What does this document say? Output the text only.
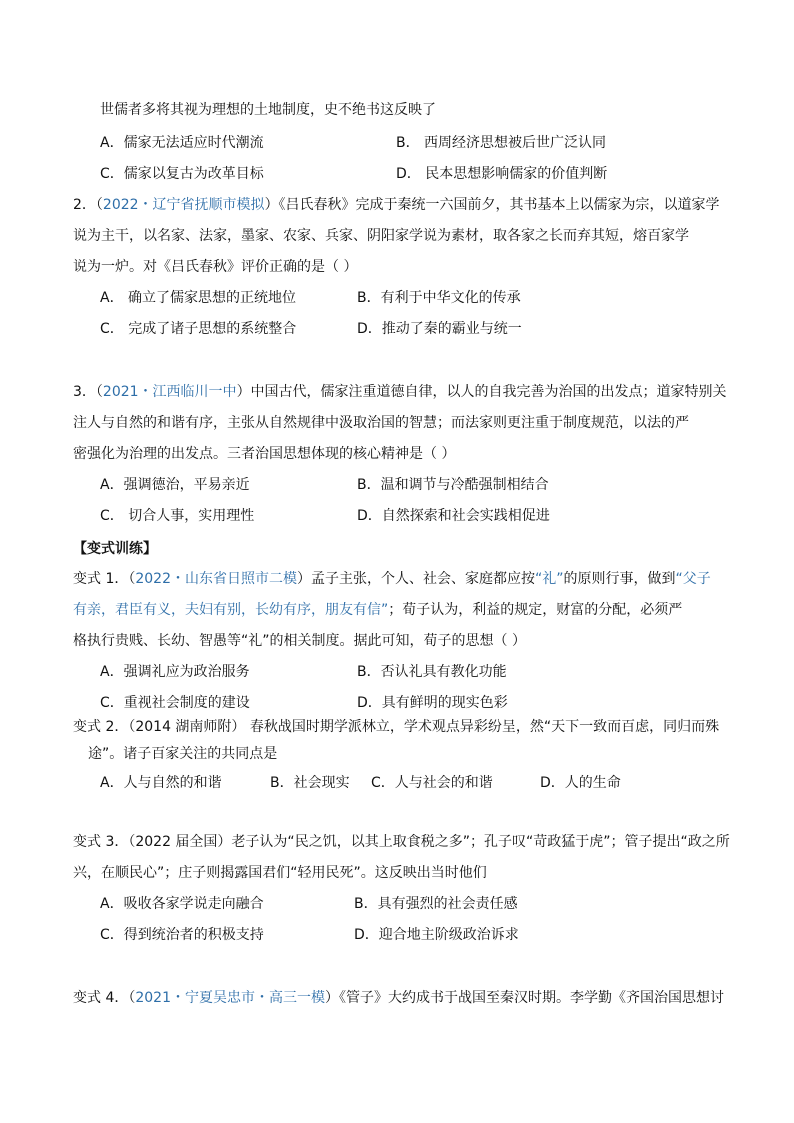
世儒者多将其视为理想的土地制度，史不绝书这反映了
A．儒家无法适应时代潮流	B． 西周经济思想被后世广泛认同
C．儒家以复古为改革目标	D． 民本思想影响儒家的价值判断
2．（2022・辽宁省抚顺市模拟）《吕氏春秋》完成于秦统一六国前夕，其书基本上以儒家为宗，以道家学
说为主干，以名家、法家，墨家、农家、兵家、阴阳家学说为素材，取各家之长而弃其短，熔百家学
说为一炉。对《吕氏春秋》评价正确的是（ ）
A． 确立了儒家思想的正统地位	B．有利于中华文化的传承
C． 完成了诸子思想的系统整合	D．推动了秦的霸业与统一
3．（2021・江西临川一中）中国古代，儒家注重道德自律，以人的自我完善为治国的出发点；道家特别关
注人与自然的和谐有序，主张从自然规律中汲取治国的智慧；而法家则更注重于制度规范，以法的严
密强化为治理的出发点。三者治国思想体现的核心精神是（ ）
A．强调德治，平易亲近	B．温和调节与冷酷强制相结合
C． 切合人事，实用理性	D．自然探索和社会实践相促进
【变式训练】
变式 1．（2022・山东省日照市二模）孟子主张，个人、社会、家庭都应按“礼”的原则行事，做到“父子
有亲，君臣有义，夫妇有别，长幼有序，朋友有信”；荀子认为，利益的规定，财富的分配，必须严
格执行贵贱、长幼、智愚等“礼”的相关制度。据此可知，荀子的思想（ ）
A．强调礼应为政治服务	B．否认礼具有教化功能
C．重视社会制度的建设	D．具有鲜明的现实色彩
变式 2．（2014 湖南师附） 春秋战国时期学派林立，学术观点异彩纷呈，然“天下一致而百虑，同归而殊
途”。诸子百家关注的共同点是
A．人与自然的和谐	B．社会现实 C．人与社会的和谐	D．人的生命
变式 3．（2022 届全国）老子认为“民之饥，以其上取食税之多”；孔子叹“苛政猛于虎”；管子提出“政之所
兴，在顺民心”；庄子则揭露国君们“轻用民死”。这反映出当时他们
A．吸收各家学说走向融合	B．具有强烈的社会责任感
C．得到统治者的积极支持	D．迎合地主阶级政治诉求
变式 4．（2021・宁夏吴忠市・高三一模）《管子》大约成书于战国至秦汉时期。李学勤《齐国治国思想讨
